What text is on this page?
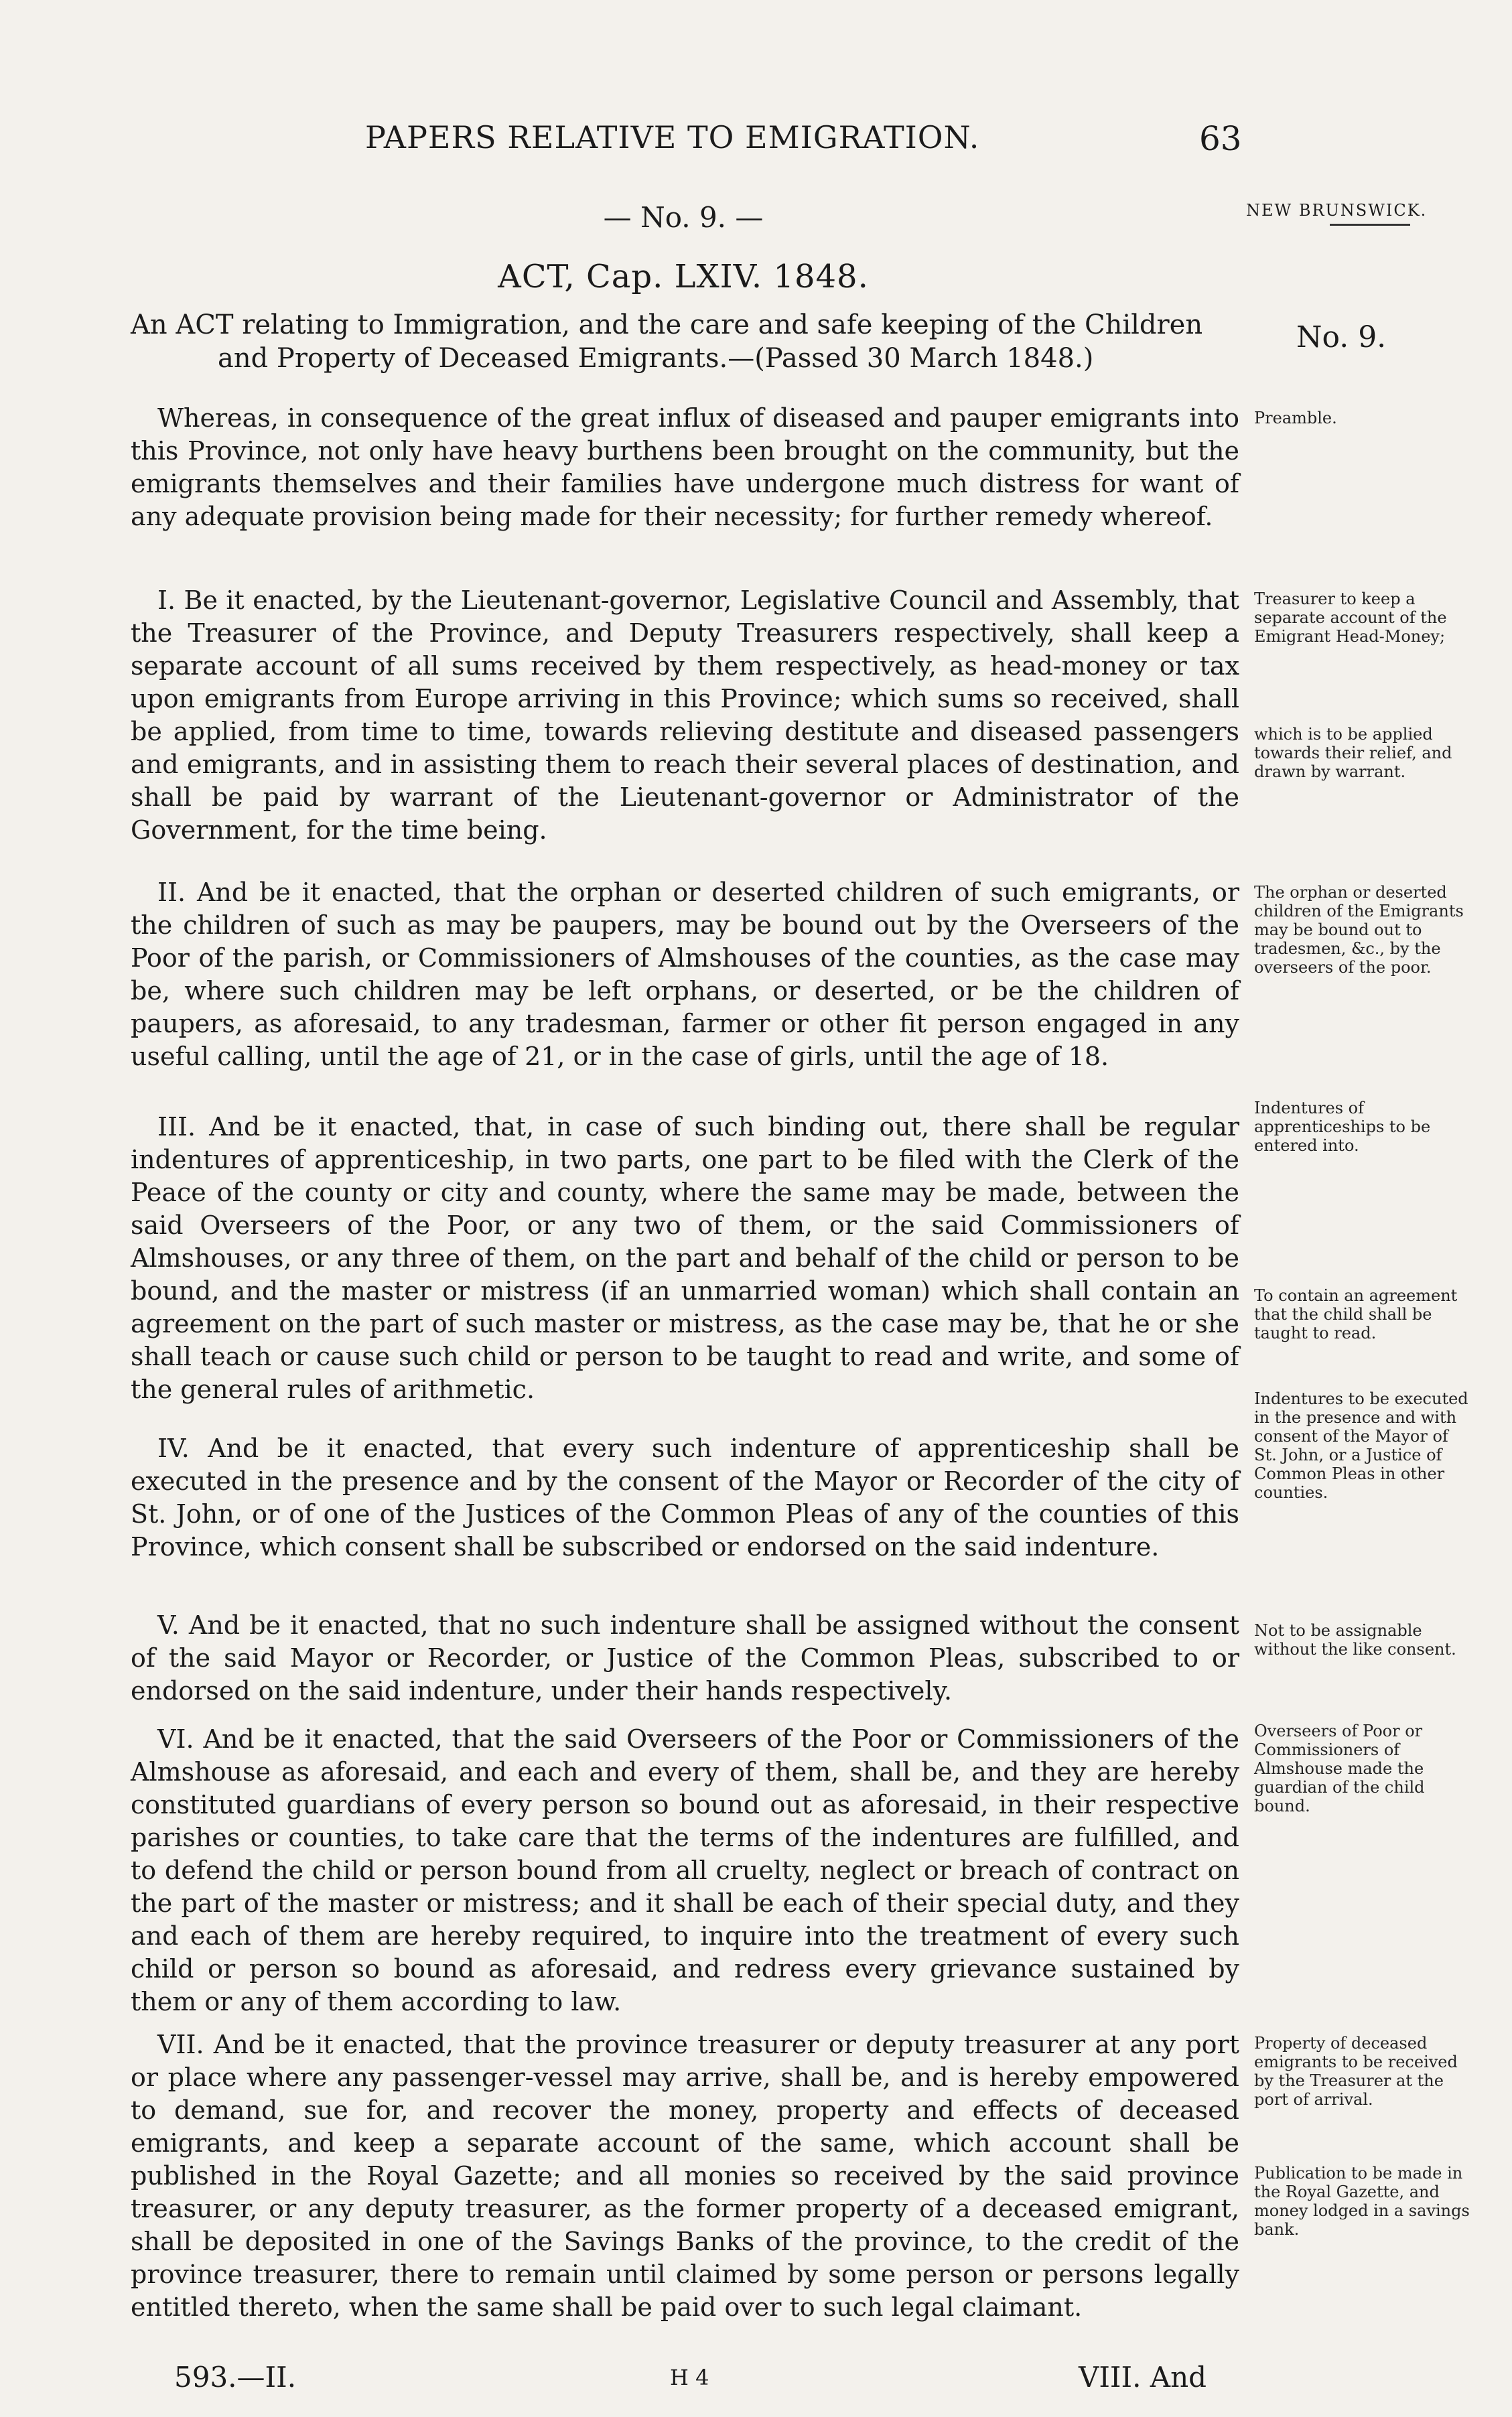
PAPERS RELATIVE TO EMIGRATION.	63
NEW BRUNSWICK.
— No. 9. —
ACT, Cap. LXIV. 1848.
No. 9.
An ACT relating to Immigration, and the care and safe keeping of the Children
and Property of Deceased Emigrants.—(Passed 30 March 1848.)

Whereas, in consequence of the great influx of diseased and pauper emigrants into this Province, not only have heavy burthens been brought on the community, but the emigrants themselves and their families have undergone much distress for want of any adequate provision being made for their necessity; for further remedy whereof.

I. Be it enacted, by the Lieutenant-governor, Legislative Council and Assembly, that the Treasurer of the Province, and Deputy Treasurers respectively, shall keep a separate account of all sums received by them respectively, as head-money or tax upon emigrants from Europe arriving in this Province; which sums so received, shall be applied, from time to time, towards relieving destitute and diseased passengers and emigrants, and in assisting them to reach their several places of destination, and shall be paid by warrant of the Lieutenant-governor or Administrator of the Government, for the time being.

II. And be it enacted, that the orphan or deserted children of such emigrants, or the children of such as may be paupers, may be bound out by the Overseers of the Poor of the parish, or Commissioners of Almshouses of the counties, as the case may be, where such children may be left orphans, or deserted, or be the children of paupers, as aforesaid, to any tradesman, farmer or other fit person engaged in any useful calling, until the age of 21, or in the case of girls, until the age of 18.

III. And be it enacted, that, in case of such binding out, there shall be regular indentures of apprenticeship, in two parts, one part to be filed with the Clerk of the Peace of the county or city and county, where the same may be made, between the said Overseers of the Poor, or any two of them, or the said Commissioners of Almshouses, or any three of them, on the part and behalf of the child or person to be bound, and the master or mistress (if an unmarried woman) which shall contain an agreement on the part of such master or mistress, as the case may be, that he or she shall teach or cause such child or person to be taught to read and write, and some of the general rules of arithmetic.

IV. And be it enacted, that every such indenture of apprenticeship shall be executed in the presence and by the consent of the Mayor or Recorder of the city of St. John, or of one of the Justices of the Common Pleas of any of the counties of this Province, which consent shall be subscribed or endorsed on the said indenture.

V. And be it enacted, that no such indenture shall be assigned without the consent of the said Mayor or Recorder, or Justice of the Common Pleas, subscribed to or endorsed on the said indenture, under their hands respectively.

VI. And be it enacted, that the said Overseers of the Poor or Commissioners of the Almshouse as aforesaid, and each and every of them, shall be, and they are hereby constituted guardians of every person so bound out as aforesaid, in their respective parishes or counties, to take care that the terms of the indentures are fulfilled, and to defend the child or person bound from all cruelty, neglect or breach of contract on the part of the master or mistress; and it shall be each of their special duty, and they and each of them are hereby required, to inquire into the treatment of every such child or person so bound as aforesaid, and redress every grievance sustained by them or any of them according to law.

VII. And be it enacted, that the province treasurer or deputy treasurer at any port or place where any passenger-vessel may arrive, shall be, and is hereby empowered to demand, sue for, and recover the money, property and effects of deceased emigrants, and keep a separate account of the same, which account shall be published in the Royal Gazette; and all monies so received by the said province treasurer, or any deputy treasurer, as the former property of a deceased emigrant, shall be deposited in one of the Savings Banks of the province, to the credit of the province treasurer, there to remain until claimed by some person or persons legally entitled thereto, when the same shall be paid over to such legal claimant.

Preamble.
Treasurer to keep a separate account of the Emigrant Head-Money;
which is to be applied towards their relief, and drawn by warrant.
The orphan or deserted children of the Emigrants may be bound out to tradesmen, &c., by the overseers of the poor.
Indentures of apprenticeships to be entered into.
To contain an agreement that the child shall be taught to read.
Indentures to be executed in the presence and with consent of the Mayor of St. John, or a Justice of Common Pleas in other counties.
Not to be assignable without the like consent.
Overseers of Poor or Commissioners of Almshouse made the guardian of the child bound.
Property of deceased emigrants to be received by the Treasurer at the port of arrival.
Publication to be made in the Royal Gazette, and money lodged in a savings bank.
593.—II.	H 4	VIII. And
